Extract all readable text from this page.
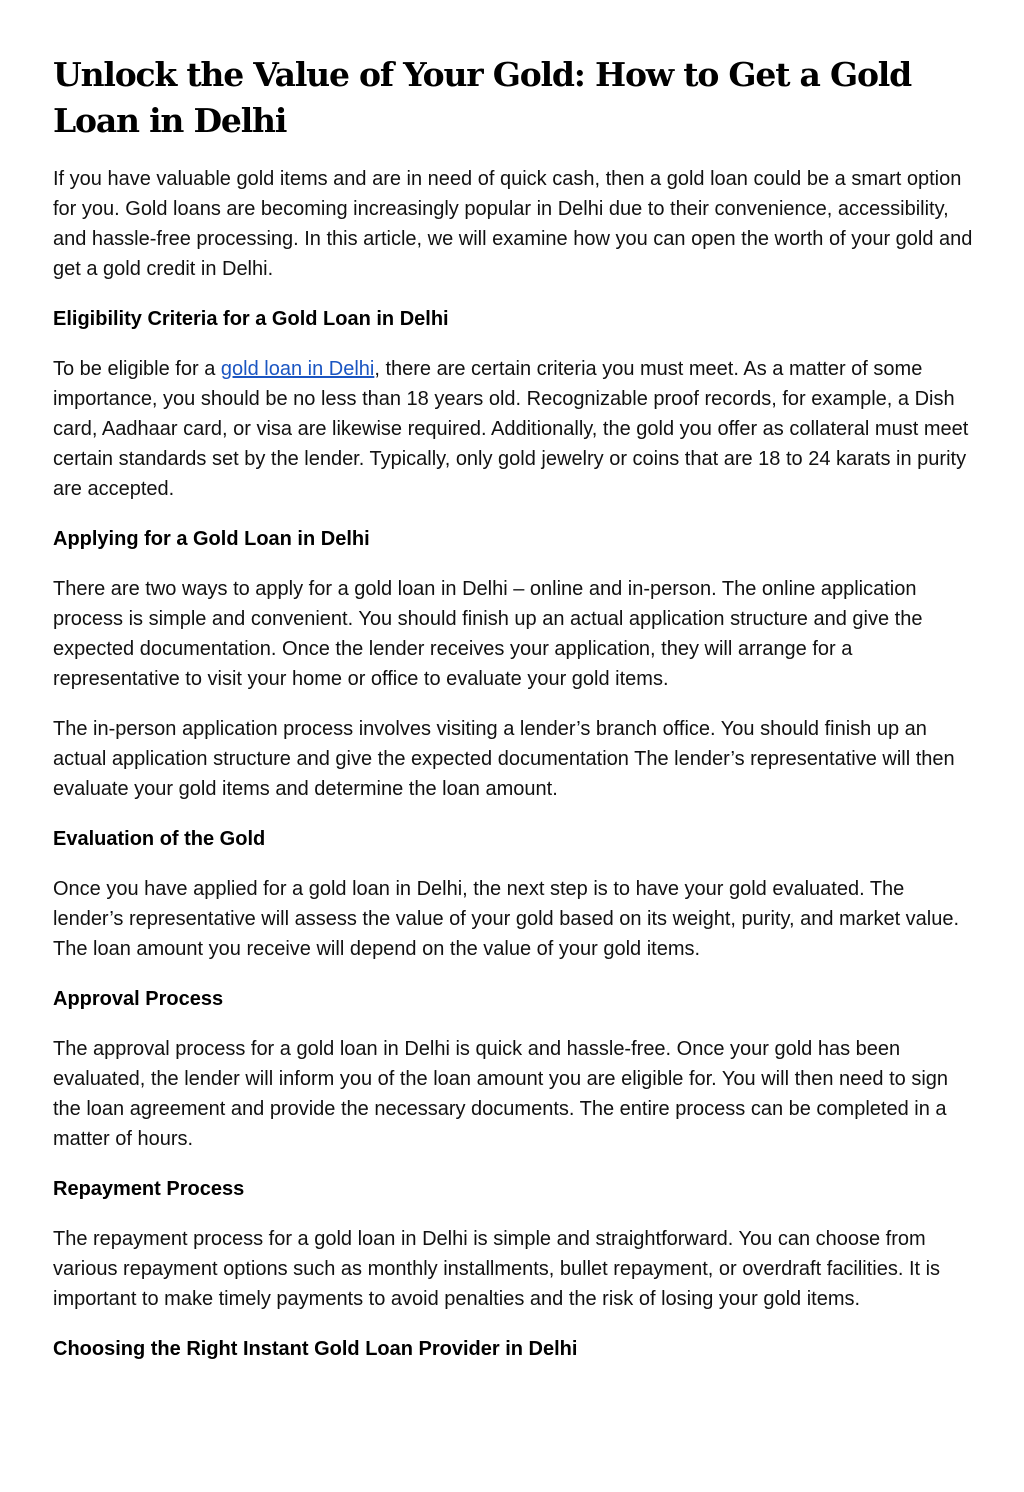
Unlock the Value of Your Gold: How to Get a Gold Loan in Delhi

If you have valuable gold items and are in need of quick cash, then a gold loan could be a smart option for you. Gold loans are becoming increasingly popular in Delhi due to their convenience, accessibility, and hassle-free processing. In this article, we will examine how you can open the worth of your gold and get a gold credit in Delhi.

Eligibility Criteria for a Gold Loan in Delhi

To be eligible for a gold loan in Delhi, there are certain criteria you must meet. As a matter of some importance, you should be no less than 18 years old. Recognizable proof records, for example, a Dish card, Aadhaar card, or visa are likewise required. Additionally, the gold you offer as collateral must meet certain standards set by the lender. Typically, only gold jewelry or coins that are 18 to 24 karats in purity are accepted.

Applying for a Gold Loan in Delhi

There are two ways to apply for a gold loan in Delhi – online and in-person. The online application process is simple and convenient. You should finish up an actual application structure and give the expected documentation. Once the lender receives your application, they will arrange for a representative to visit your home or office to evaluate your gold items.

The in-person application process involves visiting a lender’s branch office. You should finish up an actual application structure and give the expected documentation The lender’s representative will then evaluate your gold items and determine the loan amount.

Evaluation of the Gold

Once you have applied for a gold loan in Delhi, the next step is to have your gold evaluated. The lender’s representative will assess the value of your gold based on its weight, purity, and market value. The loan amount you receive will depend on the value of your gold items.

Approval Process

The approval process for a gold loan in Delhi is quick and hassle-free. Once your gold has been evaluated, the lender will inform you of the loan amount you are eligible for. You will then need to sign the loan agreement and provide the necessary documents. The entire process can be completed in a matter of hours.

Repayment Process

The repayment process for a gold loan in Delhi is simple and straightforward. You can choose from various repayment options such as monthly installments, bullet repayment, or overdraft facilities. It is important to make timely payments to avoid penalties and the risk of losing your gold items.

Choosing the Right Instant Gold Loan Provider in Delhi
